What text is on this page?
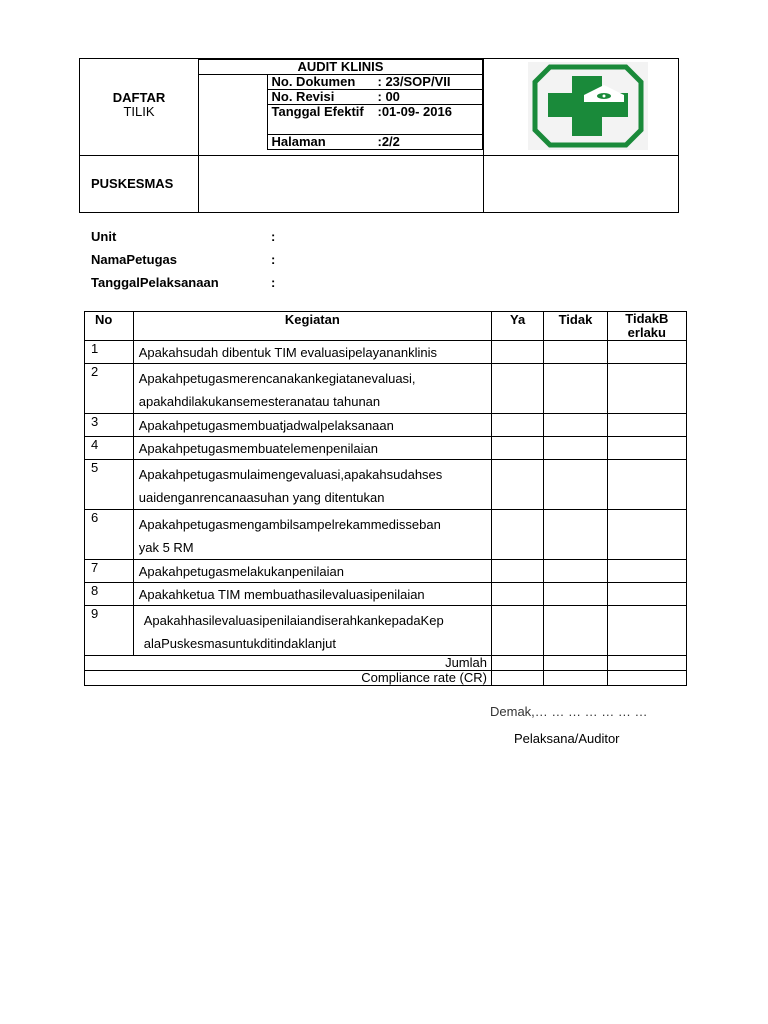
DAFTAR
TILIK
AUDIT KLINIS
	No. Dokumen : 23/SOP/VII
No. Revisi	: 00
Tanggal Efektif :01-09- 2016
Halaman	:2/2
PUSKESMAS
Unit	:
NamaPetugas	:
TanggalPelaksanaan	:
No	Kegiatan	Ya	Tidak	TidakB erlaku
1	Apakahsudah dibentuk TIM evaluasipelayananklinis			

2	Apakahpetugasmerencanakankegiatanevaluasi,
apakahdilakukansemesteranatau tahunan			

3	Apakahpetugasmembuatjadwalpelaksanaan			

4	Apakahpetugasmembuatelemenpenilaian			

5	Apakahpetugasmulaimengevaluasi,apakahsudahses
uaidenganrencanaasuhan yang ditentukan			

6	Apakahpetugasmengambilsampelrekammedisseban
yak 5 RM			

7	Apakahpetugasmelakukanpenilaian			

8	Apakahketua TIM membuathasilevaluasipenilaian			

9	ApakahhasilevaluasipenilaiandiserahkankepadaKep
alaPuskesmasuntukditindaklanjut			

Jumlah				
Compliance rate (CR)				
Demak,… … … … … … …
Pelaksana/Auditor
